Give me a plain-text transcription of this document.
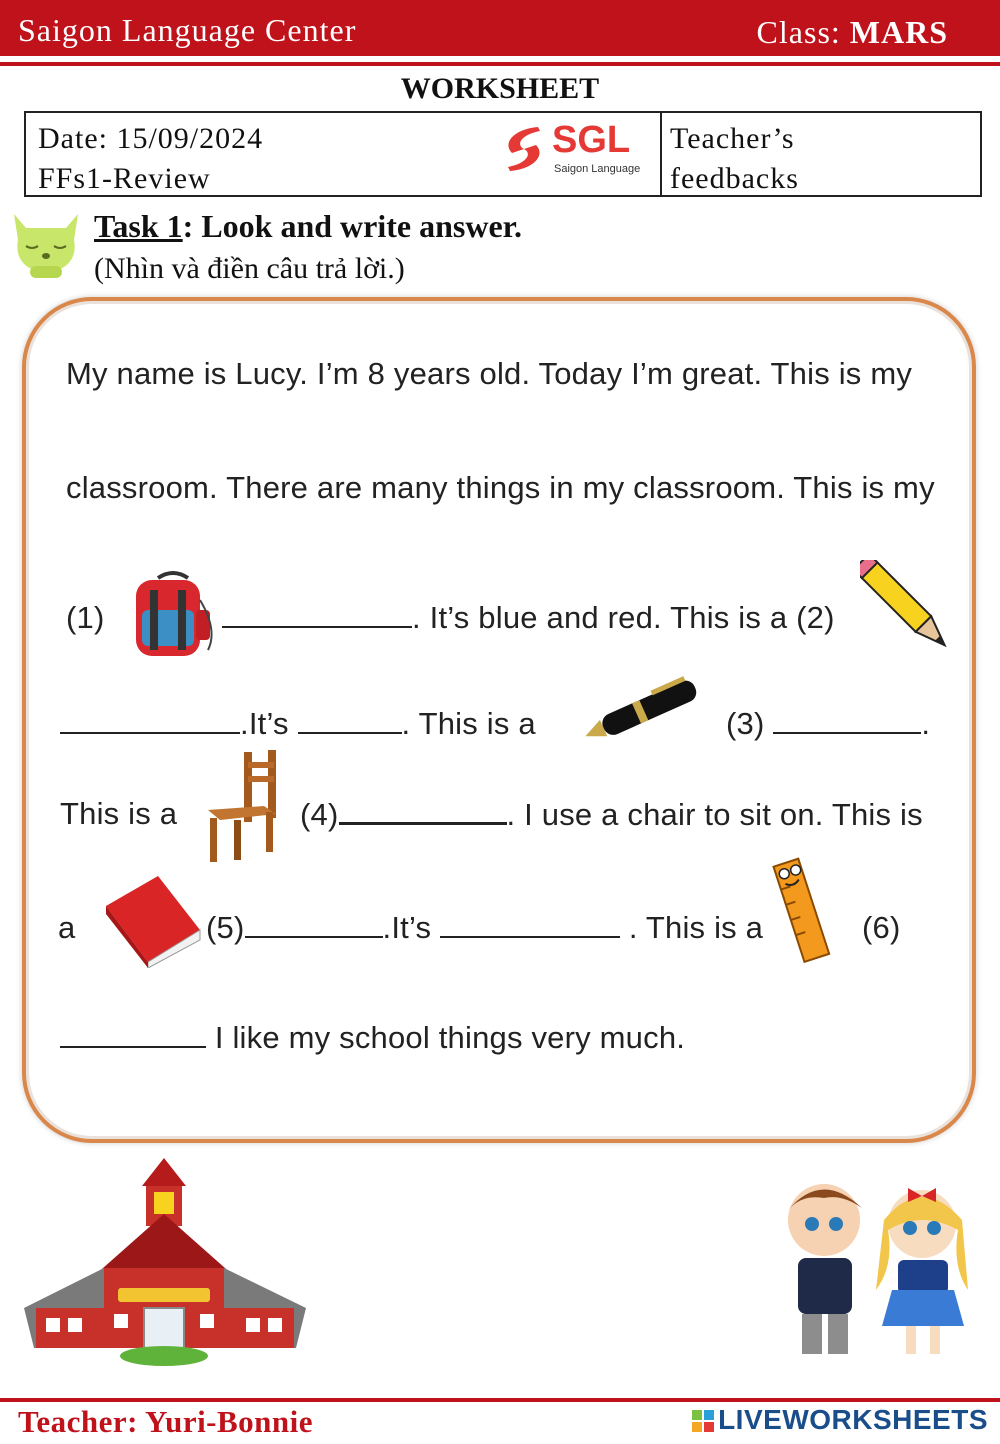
Saigon Language Center	Class: MARS
WORKSHEET
Date: 15/09/2024
FFs1-Review
SGL
Saigon Language
Teacher’s
feedbacks
Task 1: Look and write answer.
(Nhìn và điền câu trả lời.)
My name is Lucy. I’m 8 years old. Today I’m great. This is my
classroom. There are many things in my classroom. This is my
(1)	. It’s blue and red. This is a (2)
.It’s	. This is a	(3)	.
This is a	(4)	. I use a chair to sit on. This is
a	(5)	.It’s	. This is a	(6)
I like my school things very much.
Teacher: Yuri-Bonnie	LIVEWORKSHEETS
